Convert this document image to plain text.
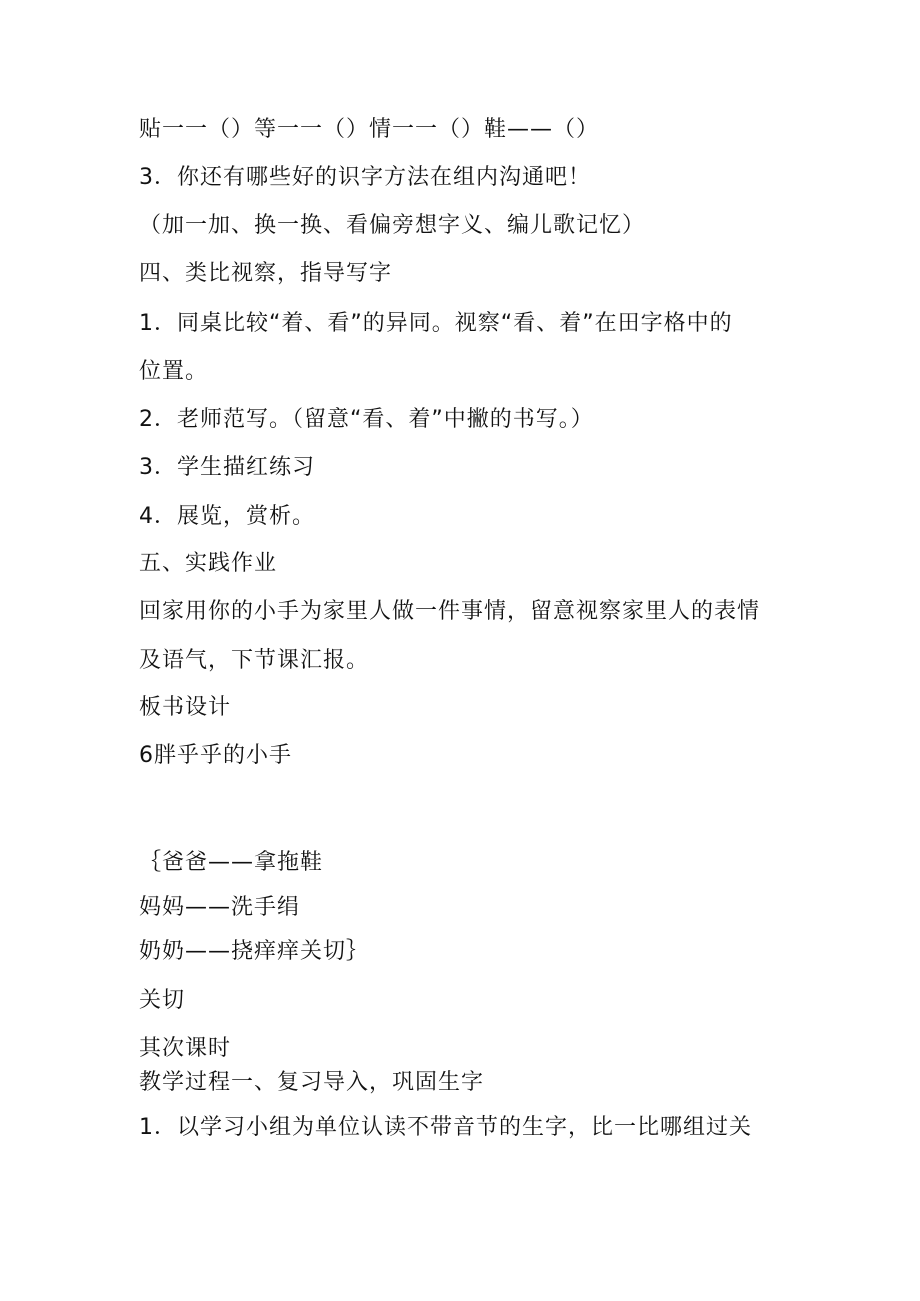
贴一一（）等一一（）情一一（）鞋——（）
3．你还有哪些好的识字方法在组内沟通吧！
（加一加、换一换、看偏旁想字义、编儿歌记忆）
四、类比视察，指导写字
1．同桌比较“着、看”的异同。视察“看、着”在田字格中的
位置。
2．老师范写。（留意“看、着”中撇的书写。）
3．学生描红练习
4．展览，赏析。
五、实践作业
回家用你的小手为家里人做一件事情，留意视察家里人的表情
及语气，下节课汇报。
板书设计
6胖乎乎的小手
｛爸爸——拿拖鞋
妈妈——洗手绢
奶奶——挠痒痒关切｝
关切
其次课时
教学过程一、复习导入，巩固生字
1．以学习小组为单位认读不带音节的生字，比一比哪组过关
